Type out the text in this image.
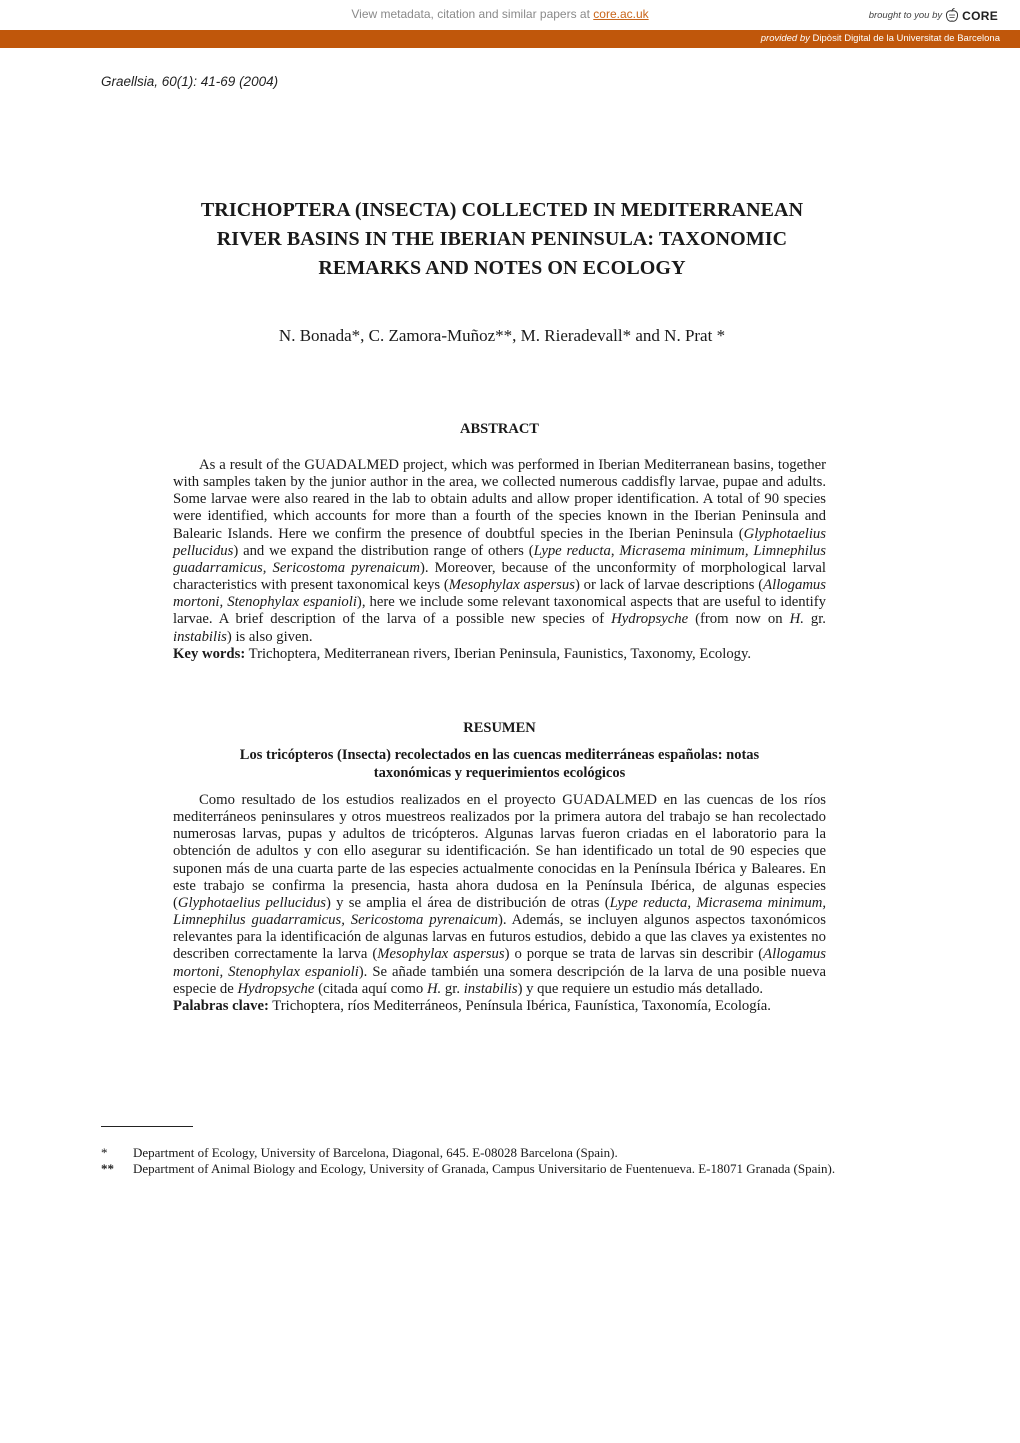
View metadata, citation and similar papers at core.ac.uk	brought to you by CORE
provided by Dipòsit Digital de la Universitat de Barcelona
Graellsia, 60(1): 41-69 (2004)
TRICHOPTERA (INSECTA) COLLECTED IN MEDITERRANEAN
RIVER BASINS IN THE IBERIAN PENINSULA: TAXONOMIC
REMARKS AND NOTES ON ECOLOGY
N. Bonada*, C. Zamora-Muñoz**, M. Rieradevall* and N. Prat *
ABSTRACT

As a result of the GUADALMED project, which was performed in Iberian Mediterranean basins, together with samples taken by the junior author in the area, we collected numerous caddisfly larvae, pupae and adults. Some larvae were also reared in the lab to obtain adults and allow proper identification. A total of 90 species were identified, which accounts for more than a fourth of the species known in the Iberian Peninsula and Balearic Islands. Here we confirm the presence of doubtful species in the Iberian Peninsula (Glyphotaelius pellucidus) and we expand the distribution range of others (Lype reducta, Micrasema minimum, Limnephilus guadarramicus, Sericostoma pyrenaicum). Moreover, because of the unconformity of morphological larval characteristics with present taxonomical keys (Mesophylax aspersus) or lack of larvae descriptions (Allogamus mortoni, Stenophylax espanioli), here we include some relevant taxonomical aspects that are useful to identify larvae. A brief description of the larva of a possible new species of Hydropsyche (from now on H. gr. instabilis) is also given.

Key words: Trichoptera, Mediterranean rivers, Iberian Peninsula, Faunistics, Taxonomy, Ecology.

RESUMEN
Los tricópteros (Insecta) recolectados en las cuencas mediterráneas españolas: notas
taxonómicas y requerimientos ecológicos

Como resultado de los estudios realizados en el proyecto GUADALMED en las cuencas de los ríos mediterráneos peninsulares y otros muestreos realizados por la primera autora del trabajo se han recolectado numerosas larvas, pupas y adultos de tricópteros. Algunas larvas fueron criadas en el laboratorio para la obtención de adultos y con ello asegurar su identificación. Se han identificado un total de 90 especies que suponen más de una cuarta parte de las especies actualmente conocidas en la Península Ibérica y Baleares. En este trabajo se confirma la presencia, hasta ahora dudosa en la Península Ibérica, de algunas especies (Glyphotaelius pellucidus) y se amplia el área de distribución de otras (Lype reducta, Micrasema minimum, Limnephilus guadarramicus, Sericostoma pyrenaicum). Además, se incluyen algunos aspectos taxonómicos relevantes para la identificación de algunas larvas en futuros estudios, debido a que las claves ya existentes no describen correctamente la larva (Mesophylax aspersus) o porque se trata de larvas sin describir (Allogamus mortoni, Stenophylax espanioli). Se añade también una somera descripción de la larva de una posible nueva especie de Hydropsyche (citada aquí como H. gr. instabilis) y que requiere un estudio más detallado.

Palabras clave: Trichoptera, ríos Mediterráneos, Península Ibérica, Faunística, Taxonomía, Ecología.

*	Department of Ecology, University of Barcelona, Diagonal, 645. E-08028 Barcelona (Spain).
**	Department of Animal Biology and Ecology, University of Granada, Campus Universitario de Fuentenueva. E-18071 Granada (Spain).
